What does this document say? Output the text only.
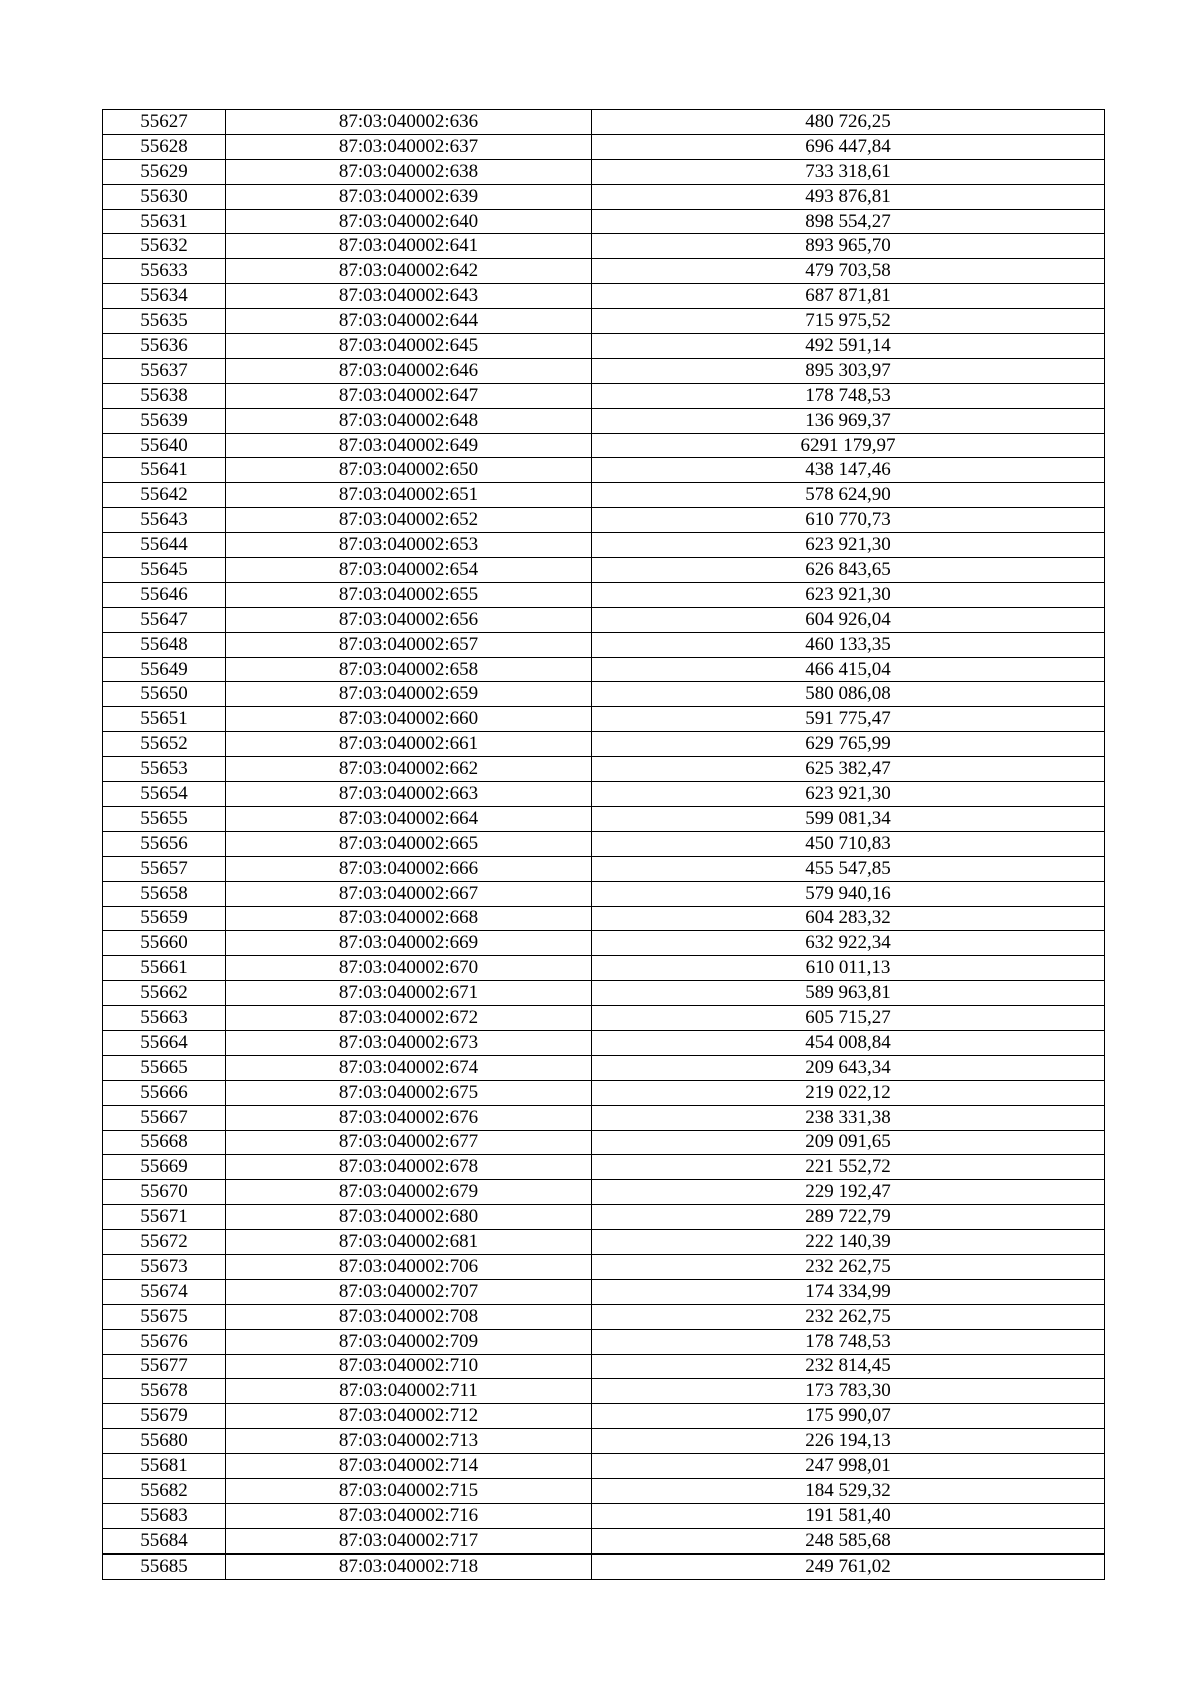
55627	87:03:040002:636	480 726,25
55628	87:03:040002:637	696 447,84
55629	87:03:040002:638	733 318,61
55630	87:03:040002:639	493 876,81
55631	87:03:040002:640	898 554,27
55632	87:03:040002:641	893 965,70
55633	87:03:040002:642	479 703,58
55634	87:03:040002:643	687 871,81
55635	87:03:040002:644	715 975,52
55636	87:03:040002:645	492 591,14
55637	87:03:040002:646	895 303,97
55638	87:03:040002:647	178 748,53
55639	87:03:040002:648	136 969,37
55640	87:03:040002:649	6291 179,97
55641	87:03:040002:650	438 147,46
55642	87:03:040002:651	578 624,90
55643	87:03:040002:652	610 770,73
55644	87:03:040002:653	623 921,30
55645	87:03:040002:654	626 843,65
55646	87:03:040002:655	623 921,30
55647	87:03:040002:656	604 926,04
55648	87:03:040002:657	460 133,35
55649	87:03:040002:658	466 415,04
55650	87:03:040002:659	580 086,08
55651	87:03:040002:660	591 775,47
55652	87:03:040002:661	629 765,99
55653	87:03:040002:662	625 382,47
55654	87:03:040002:663	623 921,30
55655	87:03:040002:664	599 081,34
55656	87:03:040002:665	450 710,83
55657	87:03:040002:666	455 547,85
55658	87:03:040002:667	579 940,16
55659	87:03:040002:668	604 283,32
55660	87:03:040002:669	632 922,34
55661	87:03:040002:670	610 011,13
55662	87:03:040002:671	589 963,81
55663	87:03:040002:672	605 715,27
55664	87:03:040002:673	454 008,84
55665	87:03:040002:674	209 643,34
55666	87:03:040002:675	219 022,12
55667	87:03:040002:676	238 331,38
55668	87:03:040002:677	209 091,65
55669	87:03:040002:678	221 552,72
55670	87:03:040002:679	229 192,47
55671	87:03:040002:680	289 722,79
55672	87:03:040002:681	222 140,39
55673	87:03:040002:706	232 262,75
55674	87:03:040002:707	174 334,99
55675	87:03:040002:708	232 262,75
55676	87:03:040002:709	178 748,53
55677	87:03:040002:710	232 814,45
55678	87:03:040002:711	173 783,30
55679	87:03:040002:712	175 990,07
55680	87:03:040002:713	226 194,13
55681	87:03:040002:714	247 998,01
55682	87:03:040002:715	184 529,32
55683	87:03:040002:716	191 581,40
55684	87:03:040002:717	248 585,68
55685	87:03:040002:718	249 761,02
